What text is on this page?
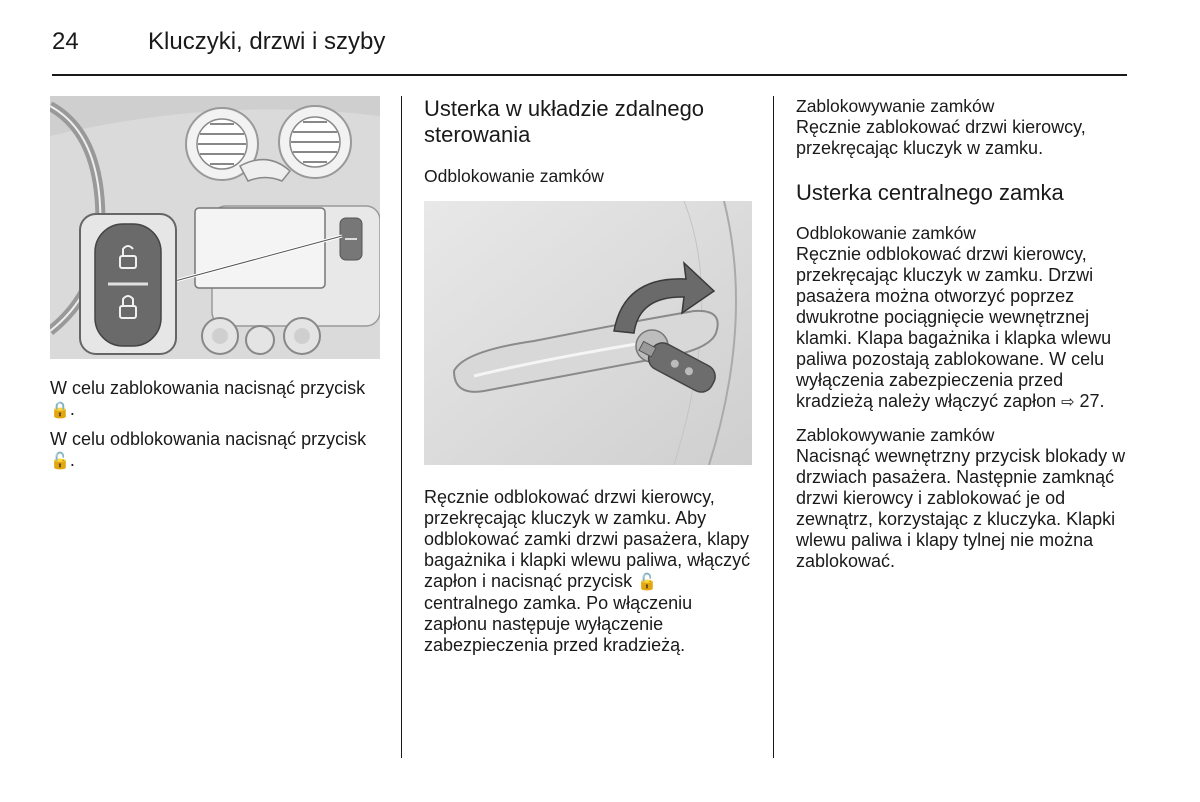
24	Kluczyki, drzwi i szyby

W celu zablokowania nacisnąć przycisk 🔒.

W celu odblokowania nacisnąć przycisk 🔓.

Usterka w układzie zdalnego sterowania
Odblokowanie zamków

Ręcznie odblokować drzwi kierowcy, przekręcając kluczyk w zamku. Aby odblokować zamki drzwi pasażera, klapy bagażnika i klapki wlewu paliwa, włączyć zapłon i nacisnąć przycisk 🔓 centralnego zamka. Po włączeniu zapłonu następuje wyłączenie zabezpieczenia przed kradzieżą.

Zablokowywanie zamków

Ręcznie zablokować drzwi kierowcy, przekręcając kluczyk w zamku.

Usterka centralnego zamka
Odblokowanie zamków

Ręcznie odblokować drzwi kierowcy, przekręcając kluczyk w zamku. Drzwi pasażera można otworzyć poprzez dwukrotne pociągnięcie wewnętrznej klamki. Klapa bagażnika i klapka wlewu paliwa pozostają zablokowane. W celu wyłączenia zabezpieczenia przed kradzieżą należy włączyć zapłon ⇨ 27.

Zablokowywanie zamków

Nacisnąć wewnętrzny przycisk blokady w drzwiach pasażera. Następnie zamknąć drzwi kierowcy i zablokować je od zewnątrz, korzystając z kluczyka. Klapki wlewu paliwa i klapy tylnej nie można zablokować.
